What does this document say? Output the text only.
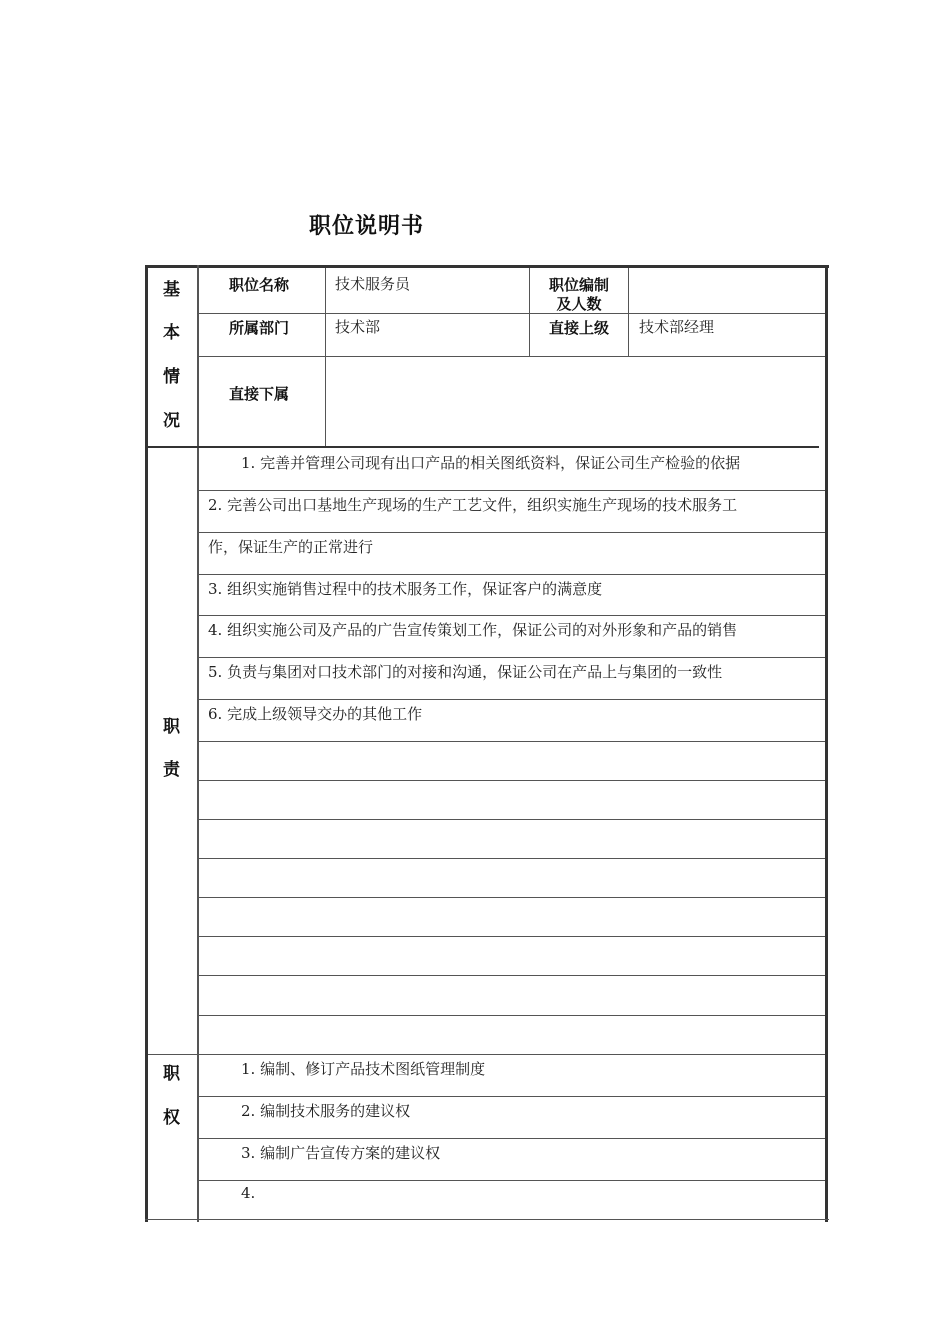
职位说明书
基
本
情
况
职位名称	技术服务员	职位编制
及人数
所属部门	技术部	直接上级	技术部经理
直接下属
职
责
1. 完善并管理公司现有出口产品的相关图纸资料，保证公司生产检验的依据
2. 完善公司出口基地生产现场的生产工艺文件，组织实施生产现场的技术服务工
作，保证生产的正常进行
3. 组织实施销售过程中的技术服务工作，保证客户的满意度
4. 组织实施公司及产品的广告宣传策划工作，保证公司的对外形象和产品的销售
5. 负责与集团对口技术部门的对接和沟通，保证公司在产品上与集团的一致性
6. 完成上级领导交办的其他工作
职
权
1. 编制、修订产品技术图纸管理制度
2. 编制技术服务的建议权
3. 编制广告宣传方案的建议权
4.
